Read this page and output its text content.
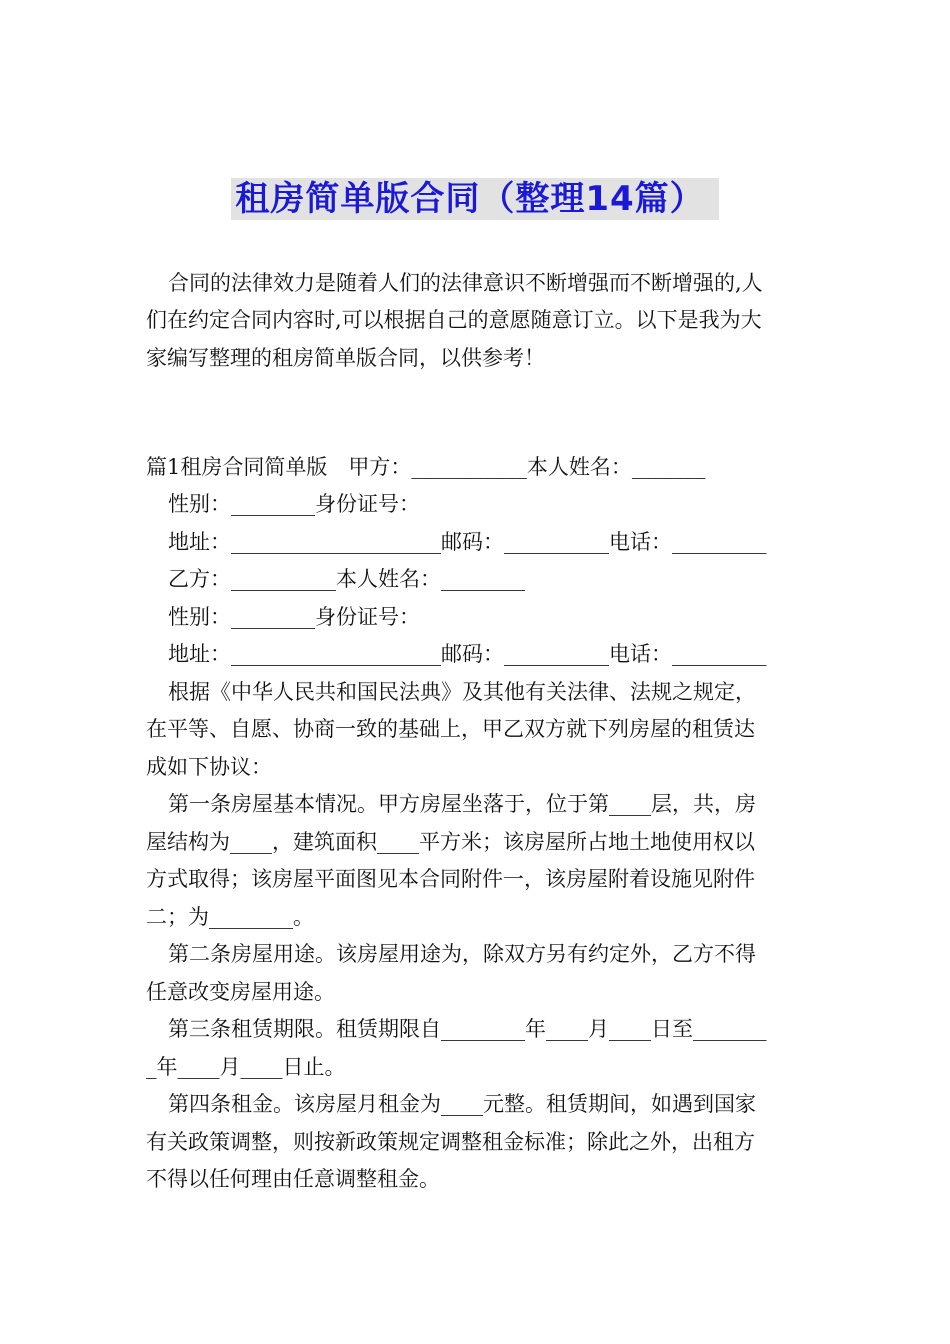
租房简单版合同（整理14篇）
合同的法律效力是随着人们的法律意识不断增强而不断增强的,人
们在约定合同内容时,可以根据自己的意愿随意订立。以下是我为大
家编写整理的租房简单版合同，以供参考！
篇1租房合同简单版　甲方：___________本人姓名：_______
性别：________身份证号：
地址：____________________邮码：__________电话：_________
乙方：__________本人姓名：________
性别：________身份证号：
地址：____________________邮码：__________电话：_________
根据《中华人民共和国民法典》及其他有关法律、法规之规定，
在平等、自愿、协商一致的基础上，甲乙双方就下列房屋的租赁达
成如下协议：
第一条房屋基本情况。甲方房屋坐落于，位于第____层，共，房
屋结构为____，建筑面积____平方米；该房屋所占地土地使用权以
方式取得；该房屋平面图见本合同附件一，该房屋附着设施见附件
二；为________。
第二条房屋用途。该房屋用途为，除双方另有约定外，乙方不得
任意改变房屋用途。
第三条租赁期限。租赁期限自________年____月____日至_______
_年____月____日止。
第四条租金。该房屋月租金为____元整。租赁期间，如遇到国家
有关政策调整，则按新政策规定调整租金标准；除此之外，出租方
不得以任何理由任意调整租金。
